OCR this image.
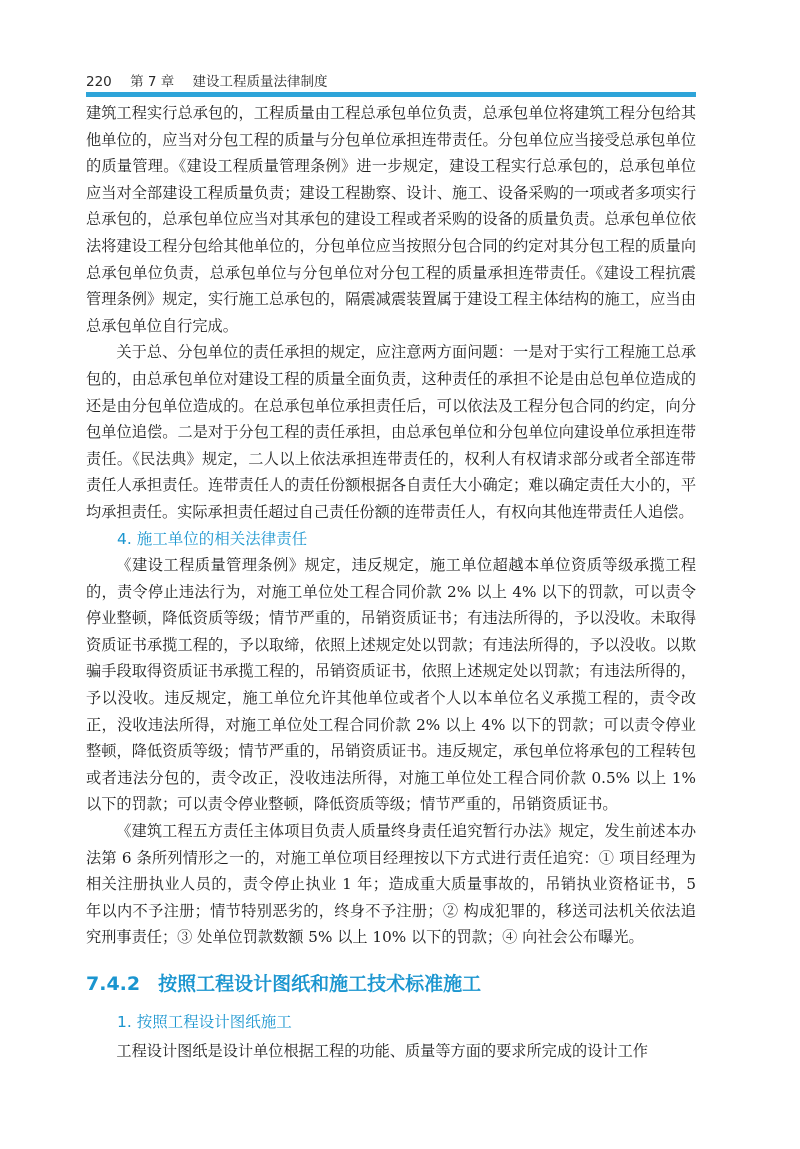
220 第 7 章 建设工程质量法律制度

建筑工程实行总承包的，工程质量由工程总承包单位负责，总承包单位将建筑工程分包给其他单位的，应当对分包工程的质量与分包单位承担连带责任。分包单位应当接受总承包单位的质量管理。《建设工程质量管理条例》进一步规定，建设工程实行总承包的，总承包单位应当对全部建设工程质量负责；建设工程勘察、设计、施工、设备采购的一项或者多项实行总承包的，总承包单位应当对其承包的建设工程或者采购的设备的质量负责。总承包单位依法将建设工程分包给其他单位的，分包单位应当按照分包合同的约定对其分包工程的质量向总承包单位负责，总承包单位与分包单位对分包工程的质量承担连带责任。《建设工程抗震管理条例》规定，实行施工总承包的，隔震减震装置属于建设工程主体结构的施工，应当由总承包单位自行完成。

关于总、分包单位的责任承担的规定，应注意两方面问题：一是对于实行工程施工总承包的，由总承包单位对建设工程的质量全面负责，这种责任的承担不论是由总包单位造成的还是由分包单位造成的。在总承包单位承担责任后，可以依法及工程分包合同的约定，向分包单位追偿。二是对于分包工程的责任承担，由总承包单位和分包单位向建设单位承担连带责任。《民法典》规定，二人以上依法承担连带责任的，权利人有权请求部分或者全部连带责任人承担责任。连带责任人的责任份额根据各自责任大小确定；难以确定责任大小的，平均承担责任。实际承担责任超过自己责任份额的连带责任人，有权向其他连带责任人追偿。

4. 施工单位的相关法律责任

《建设工程质量管理条例》规定，违反规定，施工单位超越本单位资质等级承揽工程的，责令停止违法行为，对施工单位处工程合同价款 2% 以上 4% 以下的罚款，可以责令停业整顿，降低资质等级；情节严重的，吊销资质证书；有违法所得的，予以没收。未取得资质证书承揽工程的，予以取缔，依照上述规定处以罚款；有违法所得的，予以没收。以欺骗手段取得资质证书承揽工程的，吊销资质证书，依照上述规定处以罚款；有违法所得的，予以没收。违反规定，施工单位允许其他单位或者个人以本单位名义承揽工程的，责令改正，没收违法所得，对施工单位处工程合同价款 2% 以上 4% 以下的罚款；可以责令停业整顿，降低资质等级；情节严重的，吊销资质证书。违反规定，承包单位将承包的工程转包或者违法分包的，责令改正，没收违法所得，对施工单位处工程合同价款 0.5% 以上 1% 以下的罚款；可以责令停业整顿，降低资质等级；情节严重的，吊销资质证书。

《建筑工程五方责任主体项目负责人质量终身责任追究暂行办法》规定，发生前述本办法第 6 条所列情形之一的，对施工单位项目经理按以下方式进行责任追究：① 项目经理为相关注册执业人员的，责令停止执业 1 年；造成重大质量事故的，吊销执业资格证书，5 年以内不予注册；情节特别恶劣的，终身不予注册；② 构成犯罪的，移送司法机关依法追究刑事责任；③ 处单位罚款数额 5% 以上 10% 以下的罚款；④ 向社会公布曝光。

7.4.2 按照工程设计图纸和施工技术标准施工
1. 按照工程设计图纸施工

工程设计图纸是设计单位根据工程的功能、质量等方面的要求所完成的设计工作
